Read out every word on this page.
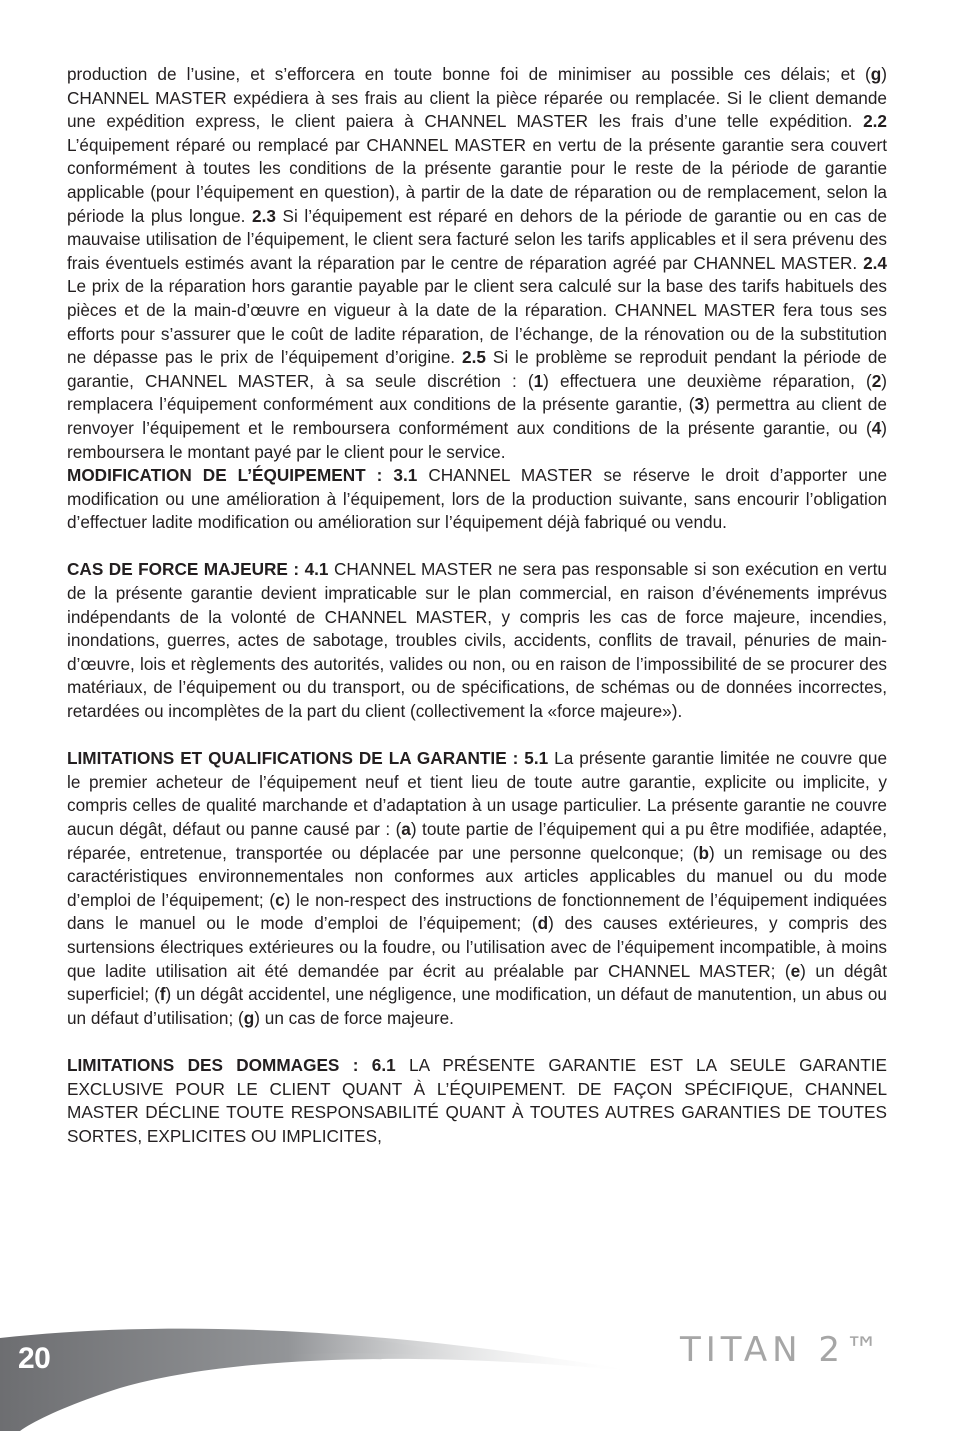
production de l’usine, et s’efforcera en toute bonne foi de minimiser au possible ces délais; et (g) CHANNEL MASTER expédiera à ses frais au client la pièce réparée ou remplacée. Si le client demande une expédition express, le client paiera à CHANNEL MASTER les frais d’une telle expédition. 2.2 L’équipement réparé ou remplacé par CHANNEL MASTER en vertu de la présente garantie sera couvert conformément à toutes les conditions de la présente garantie pour le reste de la période de garantie applicable (pour l’équipement en question), à partir de la date de réparation ou de remplacement, selon la période la plus longue. 2.3 Si l’équipement est réparé en dehors de la période de garantie ou en cas de mauvaise utilisation de l’équipement, le client sera facturé selon les tarifs applicables et il sera prévenu des frais éventuels estimés avant la réparation par le centre de réparation agréé par CHANNEL MASTER. 2.4 Le prix de la réparation hors garantie payable par le client sera calculé sur la base des tarifs habituels des pièces et de la main-d’œuvre en vigueur à la date de la réparation. CHANNEL MASTER fera tous ses efforts pour s’assurer que le coût de ladite réparation, de l’échange, de la rénovation ou de la substitution ne dépasse pas le prix de l’équipement d’origine. 2.5 Si le problème se reproduit pendant la période de garantie, CHANNEL MASTER, à sa seule discrétion : (1) effectuera une deuxième réparation, (2) remplacera l’équipement conformément aux conditions de la présente garantie, (3) permettra au client de renvoyer l’équipement et le remboursera conformément aux conditions de la présente garantie, ou (4) remboursera le montant payé par le client pour le service.

MODIFICATION DE L’ÉQUIPEMENT : 3.1 CHANNEL MASTER se réserve le droit d’apporter une modification ou une amélioration à l’équipement, lors de la production suivante, sans encourir l’obligation d’effectuer ladite modification ou amélioration sur l’équipement déjà fabriqué ou vendu.

CAS DE FORCE MAJEURE : 4.1 CHANNEL MASTER ne sera pas responsable si son exécution en vertu de la présente garantie devient impraticable sur le plan commercial, en raison d’événements imprévus indépendants de la volonté de CHANNEL MASTER, y compris les cas de force majeure, incendies, inondations, guerres, actes de sabotage, troubles civils, accidents, conflits de travail, pénuries de main-d’œuvre, lois et règlements des autorités, valides ou non, ou en raison de l’impossibilité de se procurer des matériaux, de l’équipement ou du transport, ou de spécifications, de schémas ou de données incorrectes, retardées ou incomplètes de la part du client (collectivement la «force majeure»).

LIMITATIONS ET QUALIFICATIONS DE LA GARANTIE : 5.1 La présente garantie limitée ne couvre que le premier acheteur de l’équipement neuf et tient lieu de toute autre garantie, explicite ou implicite, y compris celles de qualité marchande et d’adaptation à un usage particulier. La présente garantie ne couvre aucun dégât, défaut ou panne causé par : (a) toute partie de l’équipement qui a pu être modifiée, adaptée, réparée, entretenue, transportée ou déplacée par une personne quelconque; (b) un remisage ou des caractéristiques environnementales non conformes aux articles applicables du manuel ou du mode d’emploi de l’équipement; (c) le non-respect des instructions de fonctionnement de l’équipement indiquées dans le manuel ou le mode d’emploi de l’équipement; (d) des causes extérieures, y compris des surtensions électriques extérieures ou la foudre, ou l’utilisation avec de l’équipement incompatible, à moins que ladite utilisation ait été demandée par écrit au préalable par CHANNEL MASTER; (e) un dégât superficiel; (f) un dégât accidentel, une négligence, une modification, un défaut de manutention, un abus ou un défaut d’utilisation; (g) un cas de force majeure.

LIMITATIONS DES DOMMAGES : 6.1 LA PRÉSENTE GARANTIE EST LA SEULE GARANTIE EXCLUSIVE POUR LE CLIENT QUANT À L’ÉQUIPEMENT. DE FAÇON SPÉCIFIQUE, CHANNEL MASTER DÉCLINE TOUTE RESPONSABILITÉ QUANT À TOUTES AUTRES GARANTIES DE TOUTES SORTES, EXPLICITES OU IMPLICITES,

20	TITAN 2™
